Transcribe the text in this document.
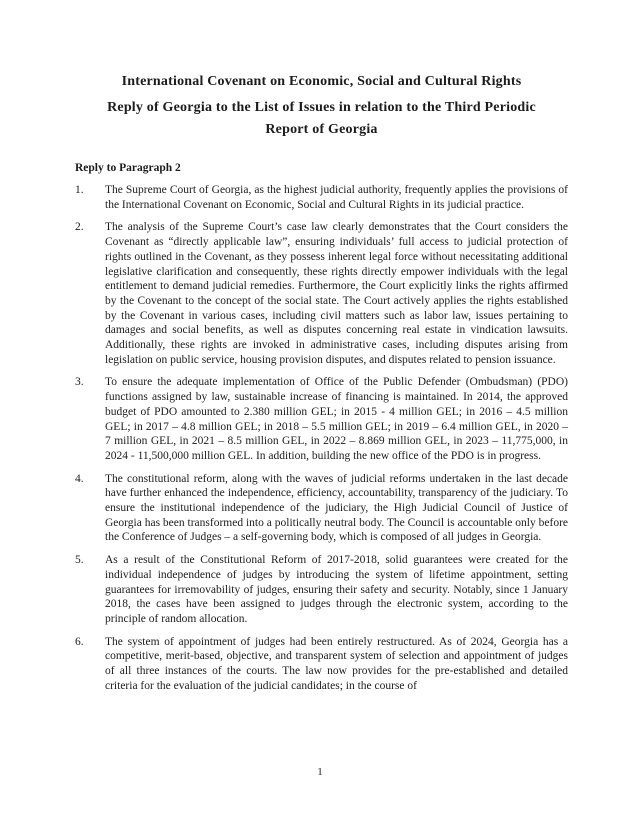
International Covenant on Economic, Social and Cultural Rights
Reply of Georgia to the List of Issues in relation to the Third Periodic Report of Georgia
Reply to Paragraph 2
1.	The Supreme Court of Georgia, as the highest judicial authority, frequently applies the provisions of the International Covenant on Economic, Social and Cultural Rights in its judicial practice.
2.	The analysis of the Supreme Court’s case law clearly demonstrates that the Court considers the Covenant as “directly applicable law”, ensuring individuals’ full access to judicial protection of rights outlined in the Covenant, as they possess inherent legal force without necessitating additional legislative clarification and consequently, these rights directly empower individuals with the legal entitlement to demand judicial remedies. Furthermore, the Court explicitly links the rights affirmed by the Covenant to the concept of the social state. The Court actively applies the rights established by the Covenant in various cases, including civil matters such as labor law, issues pertaining to damages and social benefits, as well as disputes concerning real estate in vindication lawsuits. Additionally, these rights are invoked in administrative cases, including disputes arising from legislation on public service, housing provision disputes, and disputes related to pension issuance.
3.	To ensure the adequate implementation of Office of the Public Defender (Ombudsman) (PDO) functions assigned by law, sustainable increase of financing is maintained. In 2014, the approved budget of PDO amounted to 2.380 million GEL; in 2015 - 4 million GEL; in 2016 – 4.5 million GEL; in 2017 – 4.8 million GEL; in 2018 – 5.5 million GEL; in 2019 – 6.4 million GEL, in 2020 – 7 million GEL, in 2021 – 8.5 million GEL, in 2022 – 8.869 million GEL, in 2023 – 11,775,000, in 2024 - 11,500,000 million GEL. In addition, building the new office of the PDO is in progress.
4.	The constitutional reform, along with the waves of judicial reforms undertaken in the last decade have further enhanced the independence, efficiency, accountability, transparency of the judiciary. To ensure the institutional independence of the judiciary, the High Judicial Council of Justice of Georgia has been transformed into a politically neutral body. The Council is accountable only before the Conference of Judges – a self-governing body, which is composed of all judges in Georgia.
5.	As a result of the Constitutional Reform of 2017-2018, solid guarantees were created for the individual independence of judges by introducing the system of lifetime appointment, setting guarantees for irremovability of judges, ensuring their safety and security. Notably, since 1 January 2018, the cases have been assigned to judges through the electronic system, according to the principle of random allocation.
6.	The system of appointment of judges had been entirely restructured. As of 2024, Georgia has a competitive, merit-based, objective, and transparent system of selection and appointment of judges of all three instances of the courts. The law now provides for the pre-established and detailed criteria for the evaluation of the judicial candidates; in the course of
1
